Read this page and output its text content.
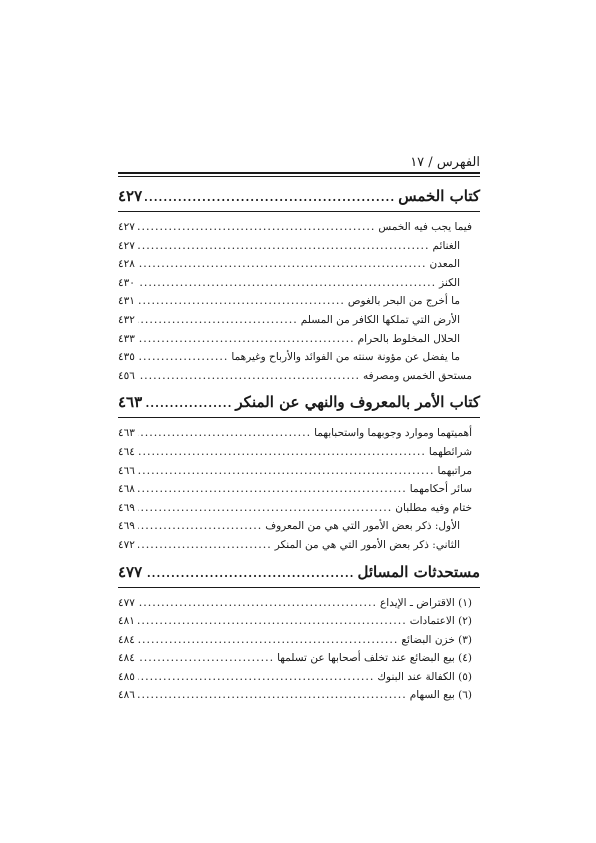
الفهرس / ١٧
كتاب الخمس
.....
٤٢٧
فيما يجب فيه الخمس
.....
٤٢٧
الغنائم
.....
٤٢٧
المعدن
.....
٤٢٨
الكنز
.....
٤٣٠
ما أخرج من البحر بالغوص
.....
٤٣١
الأرض التي تملكها الكافر من المسلم
.....
٤٣٢
الحلال المخلوط بالحرام
.....
٤٣٣
ما يفضل عن مؤونة سنته من الفوائد والأرباح وغيرهما
.....
٤٣٥
مستحق الخمس ومصرفه
.....
٤٥٦
كتاب الأمر بالمعروف والنهي عن المنكر
.....
٤٦٣
أهميتهما وموارد وجوبهما واستحبابهما
.....
٤٦٣
شرائطهما
.....
٤٦٤
مراتبهما
.....
٤٦٦
سائر أحكامهما
.....
٤٦٨
ختام وفيه مطلبان
.....
٤٦٩
الأول: ذكر بعض الأمور التي هي من المعروف
.....
٤٦٩
الثاني: ذكر بعض الأمور التي هي من المنكر
.....
٤٧٢
مستحدثات المسائل
.....
٤٧٧
(١) الاقتراض ـ الإيداع
.....
٤٧٧
(٢) الاعتمادات
.....
٤٨١
(٣) خزن البضائع
.....
٤٨٤
(٤) بيع البضائع عند تخلف أصحابها عن تسلمها
.....
٤٨٤
(٥) الكفالة عند البنوك
.....
٤٨٥
(٦) بيع السهام
.....
٤٨٦
